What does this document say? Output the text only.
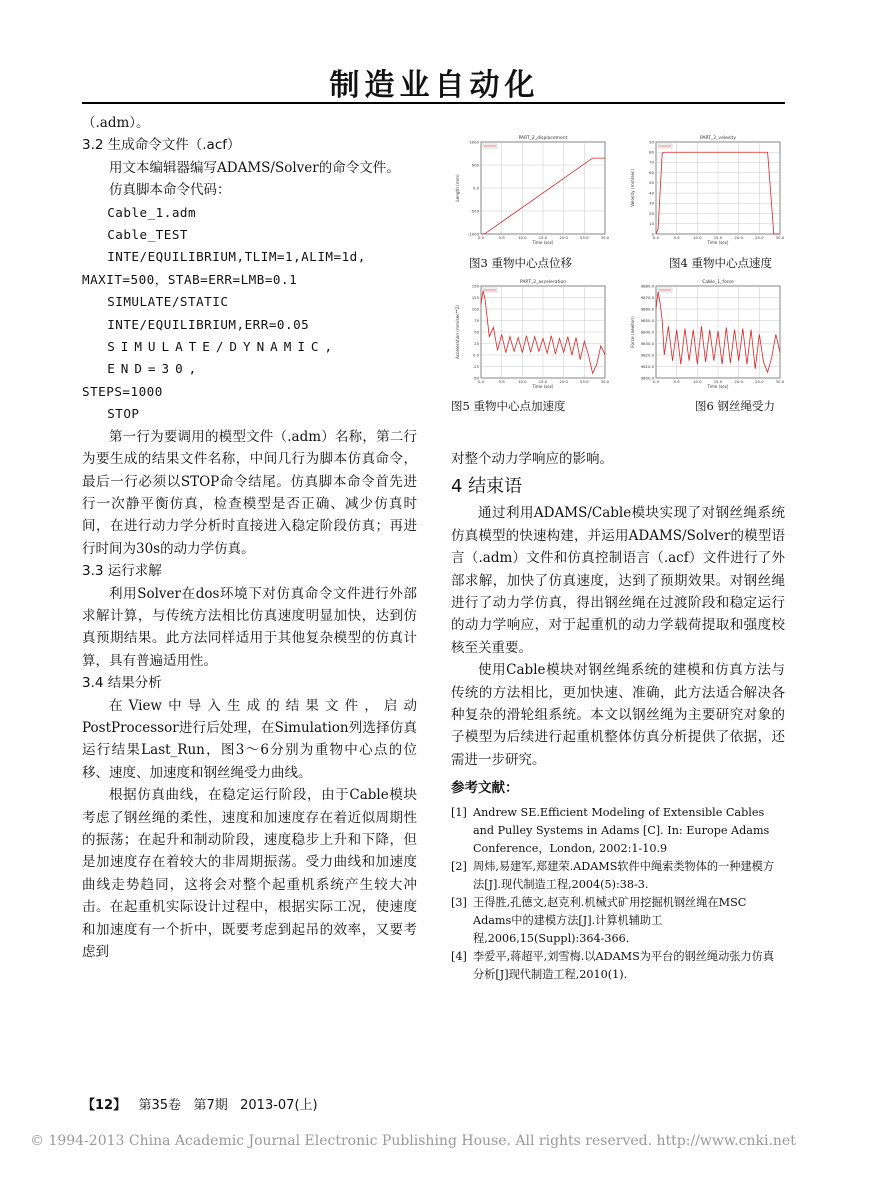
制造业自动化

（.adm）。

3.2 生成命令文件（.acf）

用文本编辑器编写ADAMS/Solver的命令文件。

仿真脚本命令代码：

Cable_1.adm

Cable_TEST

INTE/EQUILIBRIUM,TLIM=1,ALIM=1d,

MAXIT=500，STAB=ERR=LMB=0.1

SIMULATE/STATIC

INTE/EQUILIBRIUM,ERR=0.05

SIMULATE/DYNAMIC, END=30,

STEPS=1000

STOP

第一行为要调用的模型文件（.adm）名称，第二行为要生成的结果文件名称，中间几行为脚本仿真命令，最后一行必须以STOP命令结尾。仿真脚本命令首先进行一次静平衡仿真，检查模型是否正确、减少仿真时间，在进行动力学分析时直接进入稳定阶段仿真；再进行时间为30s的动力学仿真。

3.3 运行求解

利用Solver在dos环境下对仿真命令文件进行外部求解计算，与传统方法相比仿真速度明显加快，达到仿真预期结果。此方法同样适用于其他复杂模型的仿真计算，具有普遍适用性。

3.4 结果分析

在View中导入生成的结果文件，启动PostProcessor进行后处理，在Simulation列选择仿真运行结果Last_Run，图3～6分别为重物中心点的位移、速度、加速度和钢丝绳受力曲线。

根据仿真曲线，在稳定运行阶段，由于Cable模块考虑了钢丝绳的柔性，速度和加速度存在着近似周期性的振荡；在起升和制动阶段，速度稳步上升和下降，但是加速度存在着较大的非周期振荡。受力曲线和加速度曲线走势趋同，这将会对整个起重机系统产生较大冲击。在起重机实际设计过程中，根据实际工况，使速度和加速度有一个折中，既要考虑到起吊的效率，又要考虑到

PART_2_displacement
0.0	5.0	10.0	15.0	20.0	25.0	30.0
1000
500
0.0
-500
-1000
Time (sec)
Length (mm)
PART_2_velocity
0.0	5.0	10.0	15.0	20.0	25.0	30.0
90
80
70
60
50
40
30
20
10
0
Time (sec)
Velocity (mm/sec)
图3 重物中心点位移	图4 重物中心点速度
PART_2_acceleration
0.0	5.0	10.0	15.0	20.0	25.0	30.0
150
125
100
75
50
25
0.0
-25
-50
Time (sec)
Acceleration (mm/sec**2)
Cable_1_force
0.0	5.0	10.0	15.0	20.0	25.0	30.0
9880.0
9870.0
9860.0
9850.0
9840.0
9830.0
9820.0
9810.0
9800.0
Time (sec)
Force (newton)
图5 重物中心点加速度	图6 钢丝绳受力

对整个动力学响应的影响。

4 结束语

通过利用ADAMS/Cable模块实现了对钢丝绳系统仿真模型的快速构建，并运用ADAMS/Solver的模型语言（.adm）文件和仿真控制语言（.acf）文件进行了外部求解，加快了仿真速度，达到了预期效果。对钢丝绳进行了动力学仿真，得出钢丝绳在过渡阶段和稳定运行的动力学响应，对于起重机的动力学载荷提取和强度校核至关重要。

使用Cable模块对钢丝绳系统的建模和仿真方法与传统的方法相比，更加快速、准确，此方法适合解决各种复杂的滑轮组系统。本文以钢丝绳为主要研究对象的子模型为后续进行起重机整体仿真分析提供了依据，还需进一步研究。

参考文献：
[1] Andrew SE.Efficient Modeling of Extensible Cables and Pulley Systems in Adams [C]. In: Europe Adams Conference，London, 2002:1-10.9
[2] 周炜,易建军,郑建荣.ADAMS软件中绳索类物体的一种建模方法[J].现代制造工程,2004(5):38-3.
[3] 王得胜,孔德文,赵克利.机械式矿用挖掘机钢丝绳在MSC Adams中的建模方法[J].计算机辅助工程,2006,15(Suppl):364-366.
[4] 李爱平,蒋超平,刘雪梅.以ADAMS为平台的钢丝绳动张力仿真分析[J]现代制造工程,2010(1).
【12】 第35卷 第7期 2013-07(上)
© 1994-2013 China Academic Journal Electronic Publishing House. All rights reserved. http://www.cnki.net
